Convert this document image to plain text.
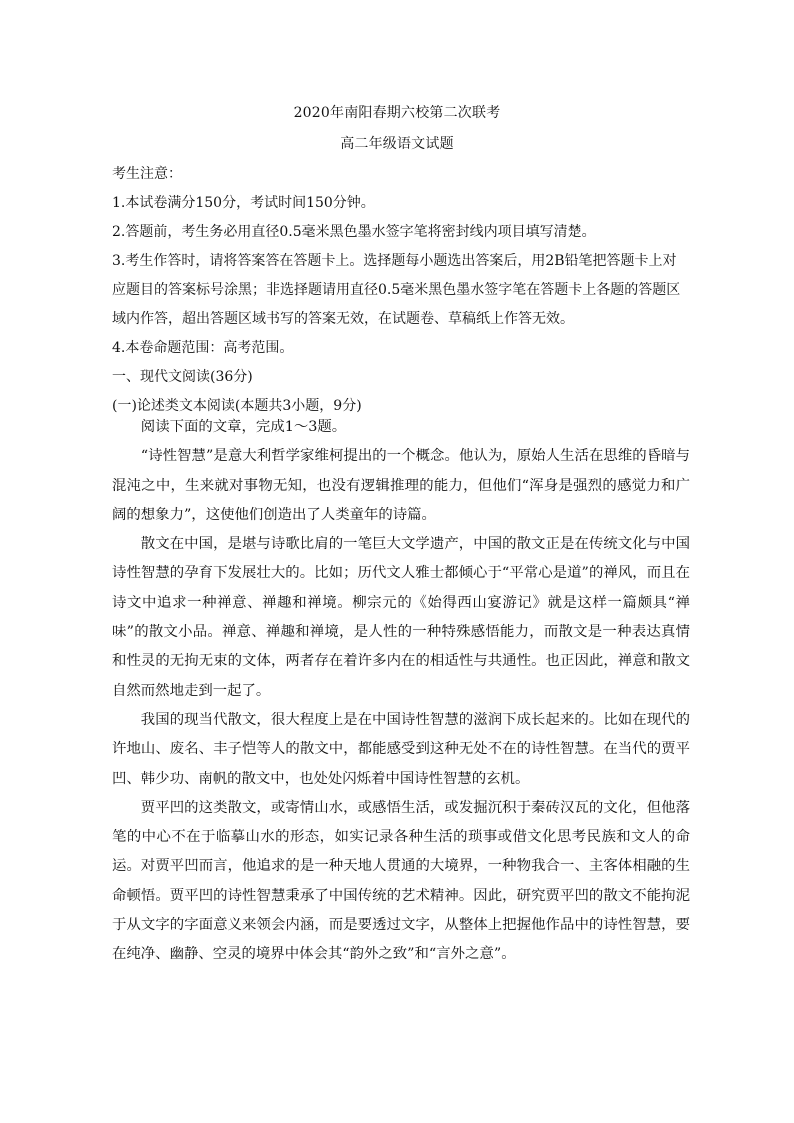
2020年南阳春期六校第二次联考
高二年级语文试题

考生注意：

1.本试卷满分150分，考试时间150分钟。

2.答题前，考生务必用直径0.5毫米黑色墨水签字笔将密封线内项目填写清楚。

3.考生作答时，请将答案答在答题卡上。选择题每小题选出答案后，用2B铅笔把答题卡上对应题目的答案标号涂黑；非选择题请用直径0.5毫米黑色墨水签字笔在答题卡上各题的答题区域内作答，超出答题区域书写的答案无效，在试题卷、草稿纸上作答无效。

4.本卷命题范围：高考范围。

一、现代文阅读(36分)

(一)论述类文本阅读(本题共3小题，9分)

阅读下面的文章，完成1～3题。

“诗性智慧”是意大利哲学家维柯提出的一个概念。他认为，原始人生活在思维的昏暗与混沌之中，生来就对事物无知，也没有逻辑推理的能力，但他们“浑身是强烈的感觉力和广阔的想象力”，这使他们创造出了人类童年的诗篇。

散文在中国，是堪与诗歌比肩的一笔巨大文学遗产，中国的散文正是在传统文化与中国诗性智慧的孕育下发展壮大的。比如；历代文人雅士都倾心于“平常心是道”的禅风，而且在诗文中追求一种禅意、禅趣和禅境。柳宗元的《始得西山宴游记》就是这样一篇颇具“禅味”的散文小品。禅意、禅趣和禅境，是人性的一种特殊感悟能力，而散文是一种表达真情和性灵的无拘无束的文体，两者存在着许多内在的相适性与共通性。也正因此，禅意和散文自然而然地走到一起了。

我国的现当代散文，很大程度上是在中国诗性智慧的滋润下成长起来的。比如在现代的许地山、废名、丰子恺等人的散文中，都能感受到这种无处不在的诗性智慧。在当代的贾平凹、韩少功、南帆的散文中，也处处闪烁着中国诗性智慧的玄机。

贾平凹的这类散文，或寄情山水，或感悟生活，或发掘沉积于秦砖汉瓦的文化，但他落笔的中心不在于临摹山水的形态，如实记录各种生活的琐事或借文化思考民族和文人的命运。对贾平凹而言，他追求的是一种天地人贯通的大境界，一种物我合一、主客体相融的生命顿悟。贾平凹的诗性智慧秉承了中国传统的艺术精神。因此，研究贾平凹的散文不能拘泥于从文字的字面意义来领会内涵，而是要透过文字，从整体上把握他作品中的诗性智慧，要在纯净、幽静、空灵的境界中体会其“韵外之致”和“言外之意”。
